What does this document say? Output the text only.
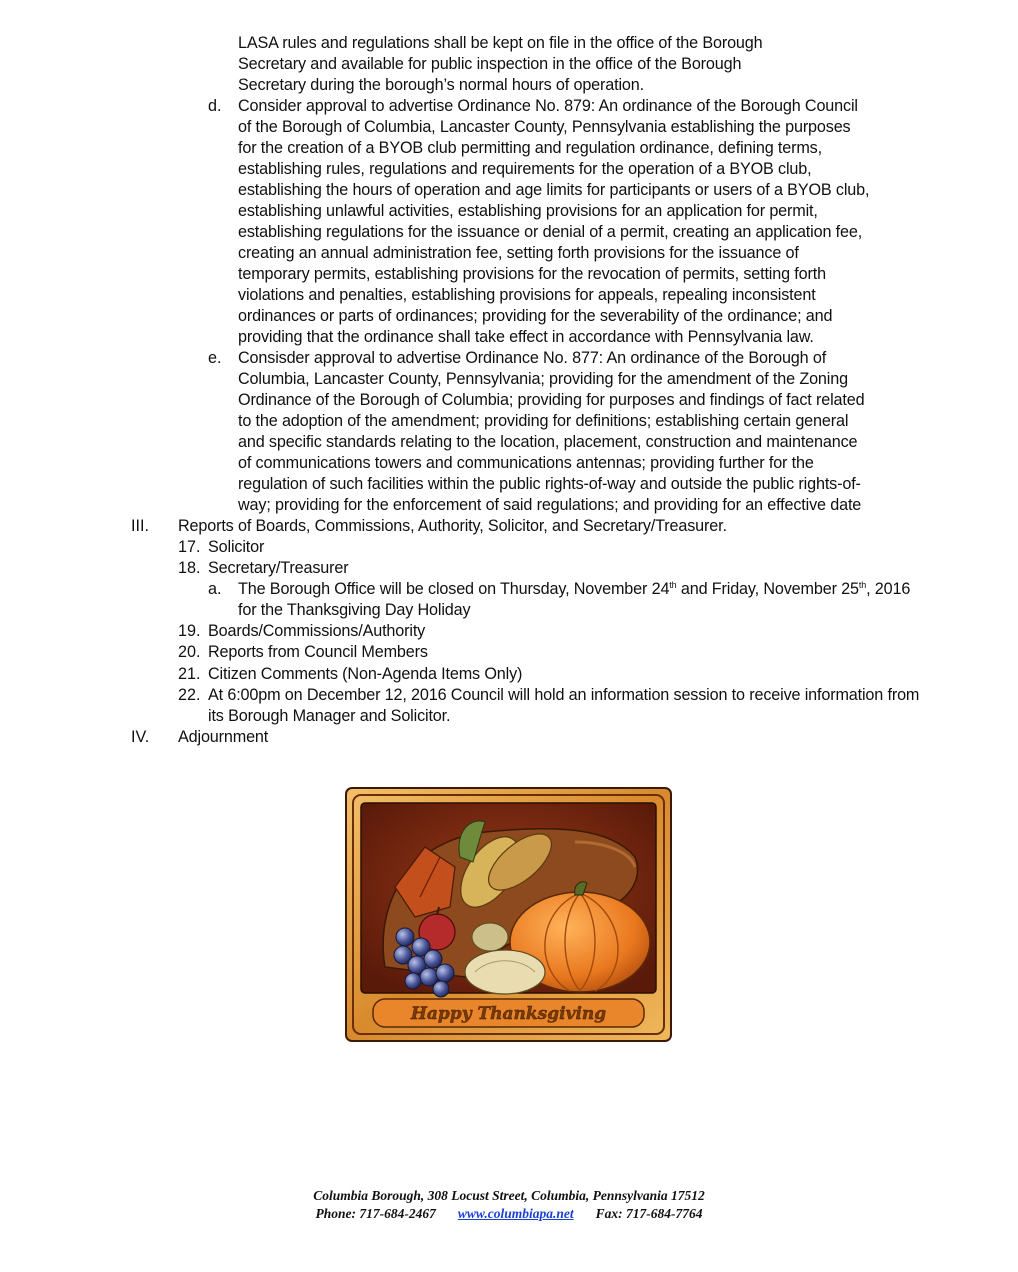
LASA rules and regulations shall be kept on file in the office of the Borough
Secretary and available for public inspection in the office of the Borough
Secretary during the borough’s normal hours of operation.
d. Consider approval to advertise Ordinance No. 879: An ordinance of the Borough Council
of the Borough of Columbia, Lancaster County, Pennsylvania establishing the purposes
for the creation of a BYOB club permitting and regulation ordinance, defining terms,
establishing rules, regulations and requirements for the operation of a BYOB club,
establishing the hours of operation and age limits for participants or users of a BYOB club,
establishing unlawful activities, establishing provisions for an application for permit,
establishing regulations for the issuance or denial of a permit, creating an application fee,
creating an annual administration fee, setting forth provisions for the issuance of
temporary permits, establishing provisions for the revocation of permits, setting forth
violations and penalties, establishing provisions for appeals, repealing inconsistent
ordinances or parts of ordinances; providing for the severability of the ordinance; and
providing that the ordinance shall take effect in accordance with Pennsylvania law.
e. Consisder approval to advertise Ordinance No. 877: An ordinance of the Borough of
Columbia, Lancaster County, Pennsylvania; providing for the amendment of the Zoning
Ordinance of the Borough of Columbia; providing for purposes and findings of fact related
to the adoption of the amendment; providing for definitions; establishing certain general
and specific standards relating to the location, placement, construction and maintenance
of communications towers and communications antennas; providing further for the
regulation of such facilities within the public rights-of-way and outside the public rights-of-
way; providing for the enforcement of said regulations; and providing for an effective date
III. Reports of Boards, Commissions, Authority, Solicitor, and Secretary/Treasurer.
17. Solicitor
18. Secretary/Treasurer
a. The Borough Office will be closed on Thursday, November 24th and Friday, November 25th, 2016
for the Thanksgiving Day Holiday
19. Boards/Commissions/Authority
20. Reports from Council Members
21. Citizen Comments (Non-Agenda Items Only)
22. At 6:00pm on December 12, 2016 Council will hold an information session to receive information from
its Borough Manager and Solicitor.
IV. Adjournment
Happy Thanksgiving
Columbia Borough, 308 Locust Street, Columbia, Pennsylvania 17512
Phone: 717-684-2467 www.columbiapa.net Fax: 717-684-7764
